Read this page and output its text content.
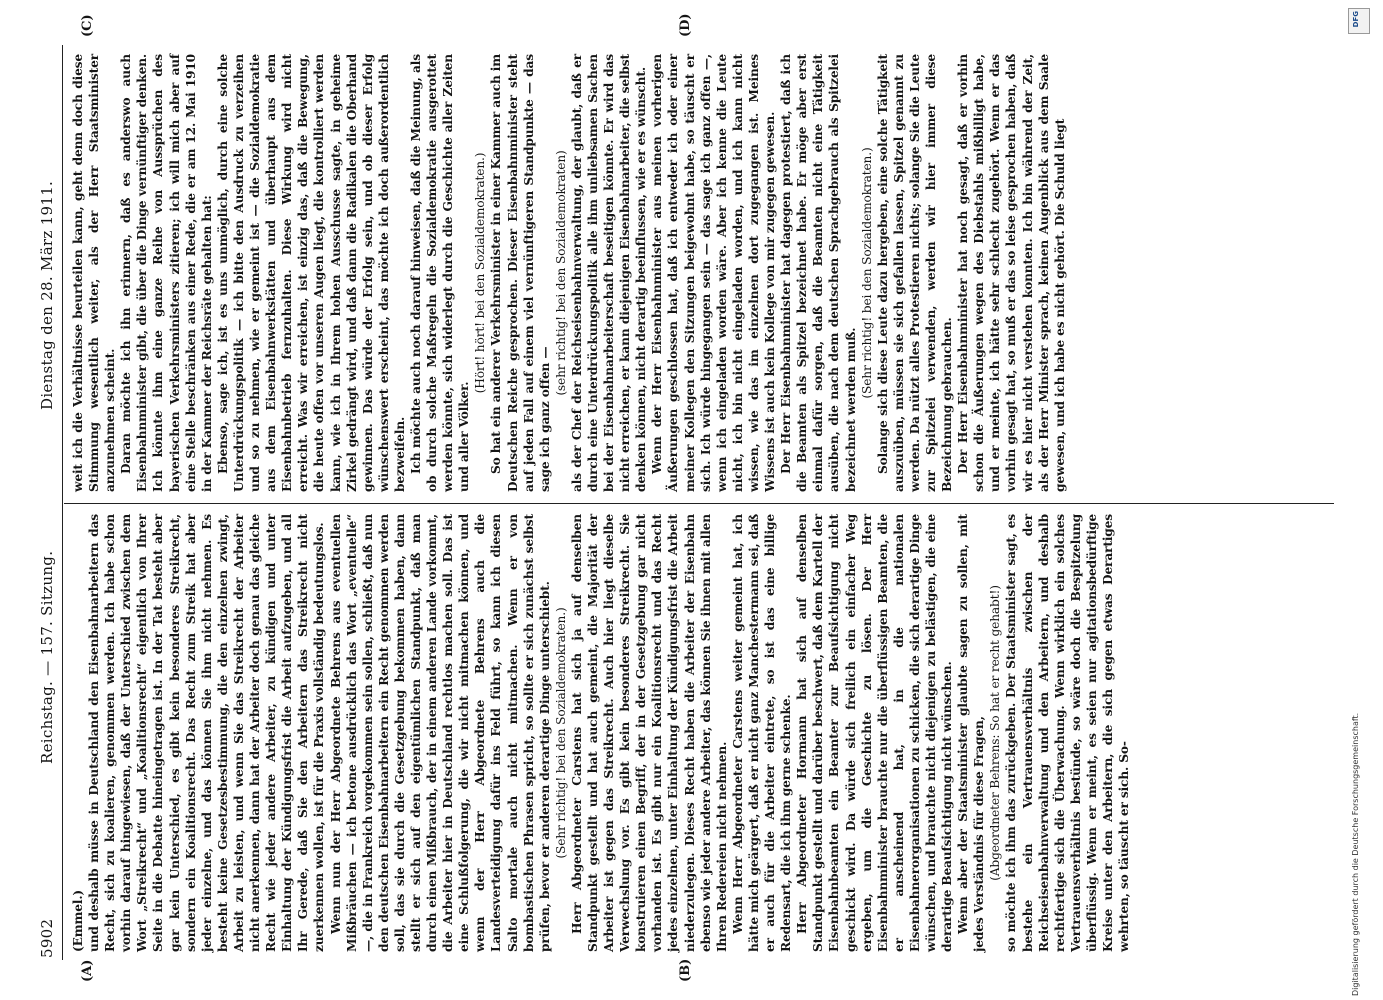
5902
Reichstag. — 157. Sitzung.
Dienstag den 28. März 1911.
(A)	(B)
(C)	(D)

(Emmel.) und deshalb müsse in Deutschland den Eisenbahnarbeitern das Recht, sich zu koalieren, genommen werden. Ich habe schon vorhin darauf hingewiesen, daß der Unterschied zwischen dem Wort „Streikrecht“ und „Koalitionsrecht“ eigentlich von Ihrer Seite in die Debatte hineingetragen ist. In der Tat besteht aber gar kein Unterschied, es gibt kein besonderes Streikrecht, sondern ein Koalitionsrecht. Das Recht zum Streik hat aber jeder einzelne, und das können Sie ihm nicht nehmen. Es besteht keine Gesetzesbestimmung, die den einzelnen zwingt, Arbeit zu leisten, und wenn Sie das Streikrecht der Arbeiter nicht anerkennen, dann hat der Arbeiter doch genau das gleiche Recht wie jeder andere Arbeiter, zu kündigen und unter Einhaltung der Kündigungsfrist die Arbeit aufzugeben, und all Ihr Gerede, daß Sie den Arbeitern das Streikrecht nicht zuerkennen wollen, ist für die Praxis vollständig bedeutungslos. Wenn nun der Herr Abgeordnete Behrens aus eventuellen Mißbräuchen — ich betone ausdrücklich das Wort „eventuelle“ —, die in Frankreich vorgekommen sein sollen, schließt, daß nun den deutschen Eisenbahnarbeitern ein Recht genommen werden soll, das sie durch die Gesetzgebung bekommen haben, dann stellt er sich auf den eigentümlichen Standpunkt, daß man durch einen Mißbrauch, der in einem anderen Lande vorkommt, die Arbeiter hier in Deutschland rechtlos machen soll. Das ist eine Schlußfolgerung, die wir nicht mitmachen können, und wenn der Herr Abgeordnete Behrens auch die Landesverteidigung dafür ins Feld führt, so kann ich diesen Salto mortale auch nicht mitmachen. Wenn er von bombastischen Phrasen spricht, so sollte er sich zunächst selbst prüfen, bevor er anderen derartige Dinge unterschiebt. (Sehr richtig! bei den Sozialdemokraten.) Herr Abgeordneter Carstens hat sich ja auf denselben Standpunkt gestellt und hat auch gemeint, die Majorität der Arbeiter ist gegen das Streikrecht. Auch hier liegt dieselbe Verwechslung vor. Es gibt kein besonderes Streikrecht. Sie konstruieren einen Begriff, der in der Gesetzgebung gar nicht vorhanden ist. Es gibt nur ein Koalitionsrecht und das Recht jedes einzelnen, unter Einhaltung der Kündigungsfrist die Arbeit niederzulegen. Dieses Recht haben die Arbeiter der Eisenbahn ebenso wie jeder andere Arbeiter, das können Sie ihnen mit allen Ihren Redereien nicht nehmen. Wenn Herr Abgeordneter Carstens weiter gemeint hat, ich hätte mich geärgert, daß er nicht ganz Manchestermann sei, daß er auch für die Arbeiter eintrete, so ist das eine billige Redensart, die ich ihm gerne schenke. Herr Abgeordneter Hormann hat sich auf denselben Standpunkt gestellt und darüber beschwert, daß dem Kartell der Eisenbahnbeamten ein Beamter zur Beaufsichtigung nicht geschickt wird. Da würde sich freilich ein einfacher Weg ergeben, um die Geschichte zu lösen. Der Herr Eisenbahnminister brauchte nur die überflüssigen Beamten, die er anscheinend hat, in die nationalen Eisenbahnerorganisationen zu schicken, die sich derartige Dinge wünschen, und brauchte nicht diejenigen zu belästigen, die eine derartige Beaufsichtigung nicht wünschen. Wenn aber der Staatsminister glaubte sagen zu sollen, mit jedes Verständnis für diese Fragen, (Abgeordneter Behrens: So hat er recht gehabt!) so möchte ich ihm das zurückgeben. Der Staatsminister sagt, es bestehe ein Vertrauensverhältnis zwischen der Reichseisenbahnverwaltung und den Arbeitern, und deshalb rechtfertige sich die Überwachung. Wenn wirklich ein solches Vertrauensverhältnis bestünde, so wäre doch die Bespitzelung überflüssig. Wenn er meint, es seien nur agitationsbedürftige Kreise unter den Arbeitern, die sich gegen etwas Derartiges wehrten, so täuscht er sich. So-

weit ich die Verhältnisse beurteilen kann, geht denn doch diese Stimmung wesentlich weiter, als der Herr Staatsminister anzunehmen scheint. Daran möchte ich ihn erinnern, daß es anderswo auch Eisenbahnminister gibt, die über die Dinge vernünftiger denken. Ich könnte ihm eine ganze Reihe von Aussprüchen des bayerischen Verkehrsministers zitieren; ich will mich aber auf eine Stelle beschränken aus einer Rede, die er am 12. Mai 1910 in der Kammer der Reichsräte gehalten hat: Ebenso, sage ich, ist es uns unmöglich, durch eine solche Unterdrückungspolitik — ich bitte den Ausdruck zu verzeihen und so zu nehmen, wie er gemeint ist — die Sozialdemokratie aus dem Eisenbahnwerkstätten und überhaupt aus dem Eisenbahnbetrieb fernzuhalten. Diese Wirkung wird nicht erreicht. Was wir erreichen, ist einzig das, daß die Bewegung, die heute offen vor unseren Augen liegt, die kontrolliert werden kann, wie ich in Ihrem hohen Ausschusse sagte, in geheime Zirkel gedrängt wird, und daß dann die Radikalen die Oberhand gewinnen. Das würde der Erfolg sein, und ob dieser Erfolg wünschenswert erscheint, das möchte ich doch außerordentlich bezweifeln. Ich möchte auch noch darauf hinweisen, daß die Meinung, als ob durch solche Maßregeln die Sozialdemokratie ausgerottet werden könnte, sich widerlegt durch die Geschichte aller Zeiten und aller Völker.

(Hört! hört! bei den Sozialdemokraten.) So hat ein anderer Verkehrsminister in einer Kammer auch im Deutschen Reiche gesprochen. Dieser Eisenbahnminister steht auf jeden Fall auf einem viel vernünftigeren Standpunkte — das sage ich ganz offen —

(sehr richtig! bei den Sozialdemokraten) als der Chef der Reichseisenbahnverwaltung, der glaubt, daß er durch eine Unterdrückungspolitik alle ihm unliebsamen Sachen bei der Eisenbahnarbeiterschaft beseitigen könnte. Er wird das nicht erreichen, er kann diejenigen Eisenbahnarbeiter, die selbst denken können, nicht derartig beeinflussen, wie er es wünscht. Wenn der Herr Eisenbahnminister aus meinen vorherigen Äußerungen geschlossen hat, daß ich entweder ich oder einer meiner Kollegen den Sitzungen beigewohnt habe, so täuscht er sich. Ich würde hingegangen sein — das sage ich ganz offen —, wenn ich eingeladen worden wäre. Aber ich kenne die Leute nicht, ich bin nicht eingeladen worden, und ich kann nicht wissen, wie das im einzelnen dort zugegangen ist. Meines Wissens ist auch kein Kollege von mir zugegen gewesen. Der Herr Eisenbahnminister hat dagegen protestiert, daß ich die Beamten als Spitzel bezeichnet habe. Er möge aber erst einmal dafür sorgen, daß die Beamten nicht eine Tätigkeit ausüben, die nach dem deutschen Sprachgebrauch als Spitzelei bezeichnet werden muß.

(Sehr richtig! bei den Sozialdemokraten.) Solange sich diese Leute dazu hergeben, eine solche Tätigkeit auszuüben, müssen sie sich gefallen lassen, Spitzel genannt zu werden. Da nützt alles Protestieren nichts; solange Sie die Leute zur Spitzelei verwenden, werden wir hier immer diese Bezeichnung gebrauchen. Der Herr Eisenbahnminister hat noch gesagt, daß er vorhin schon die Äußerungen wegen des Diebstahls mißbilligt habe, und er meinte, ich hätte sehr schlecht zugehört. Wenn er das vorhin gesagt hat, so muß er das so leise gesprochen haben, daß wir es hier nicht verstehen konnten. Ich bin während der Zeit, als der Herr Minister sprach, keinen Augenblick aus dem Saale gewesen, und ich habe es nicht gehört. Die Schuld liegt

DFG
Digitalisierung gefördert durch die Deutsche Forschungsgemeinschaft.
